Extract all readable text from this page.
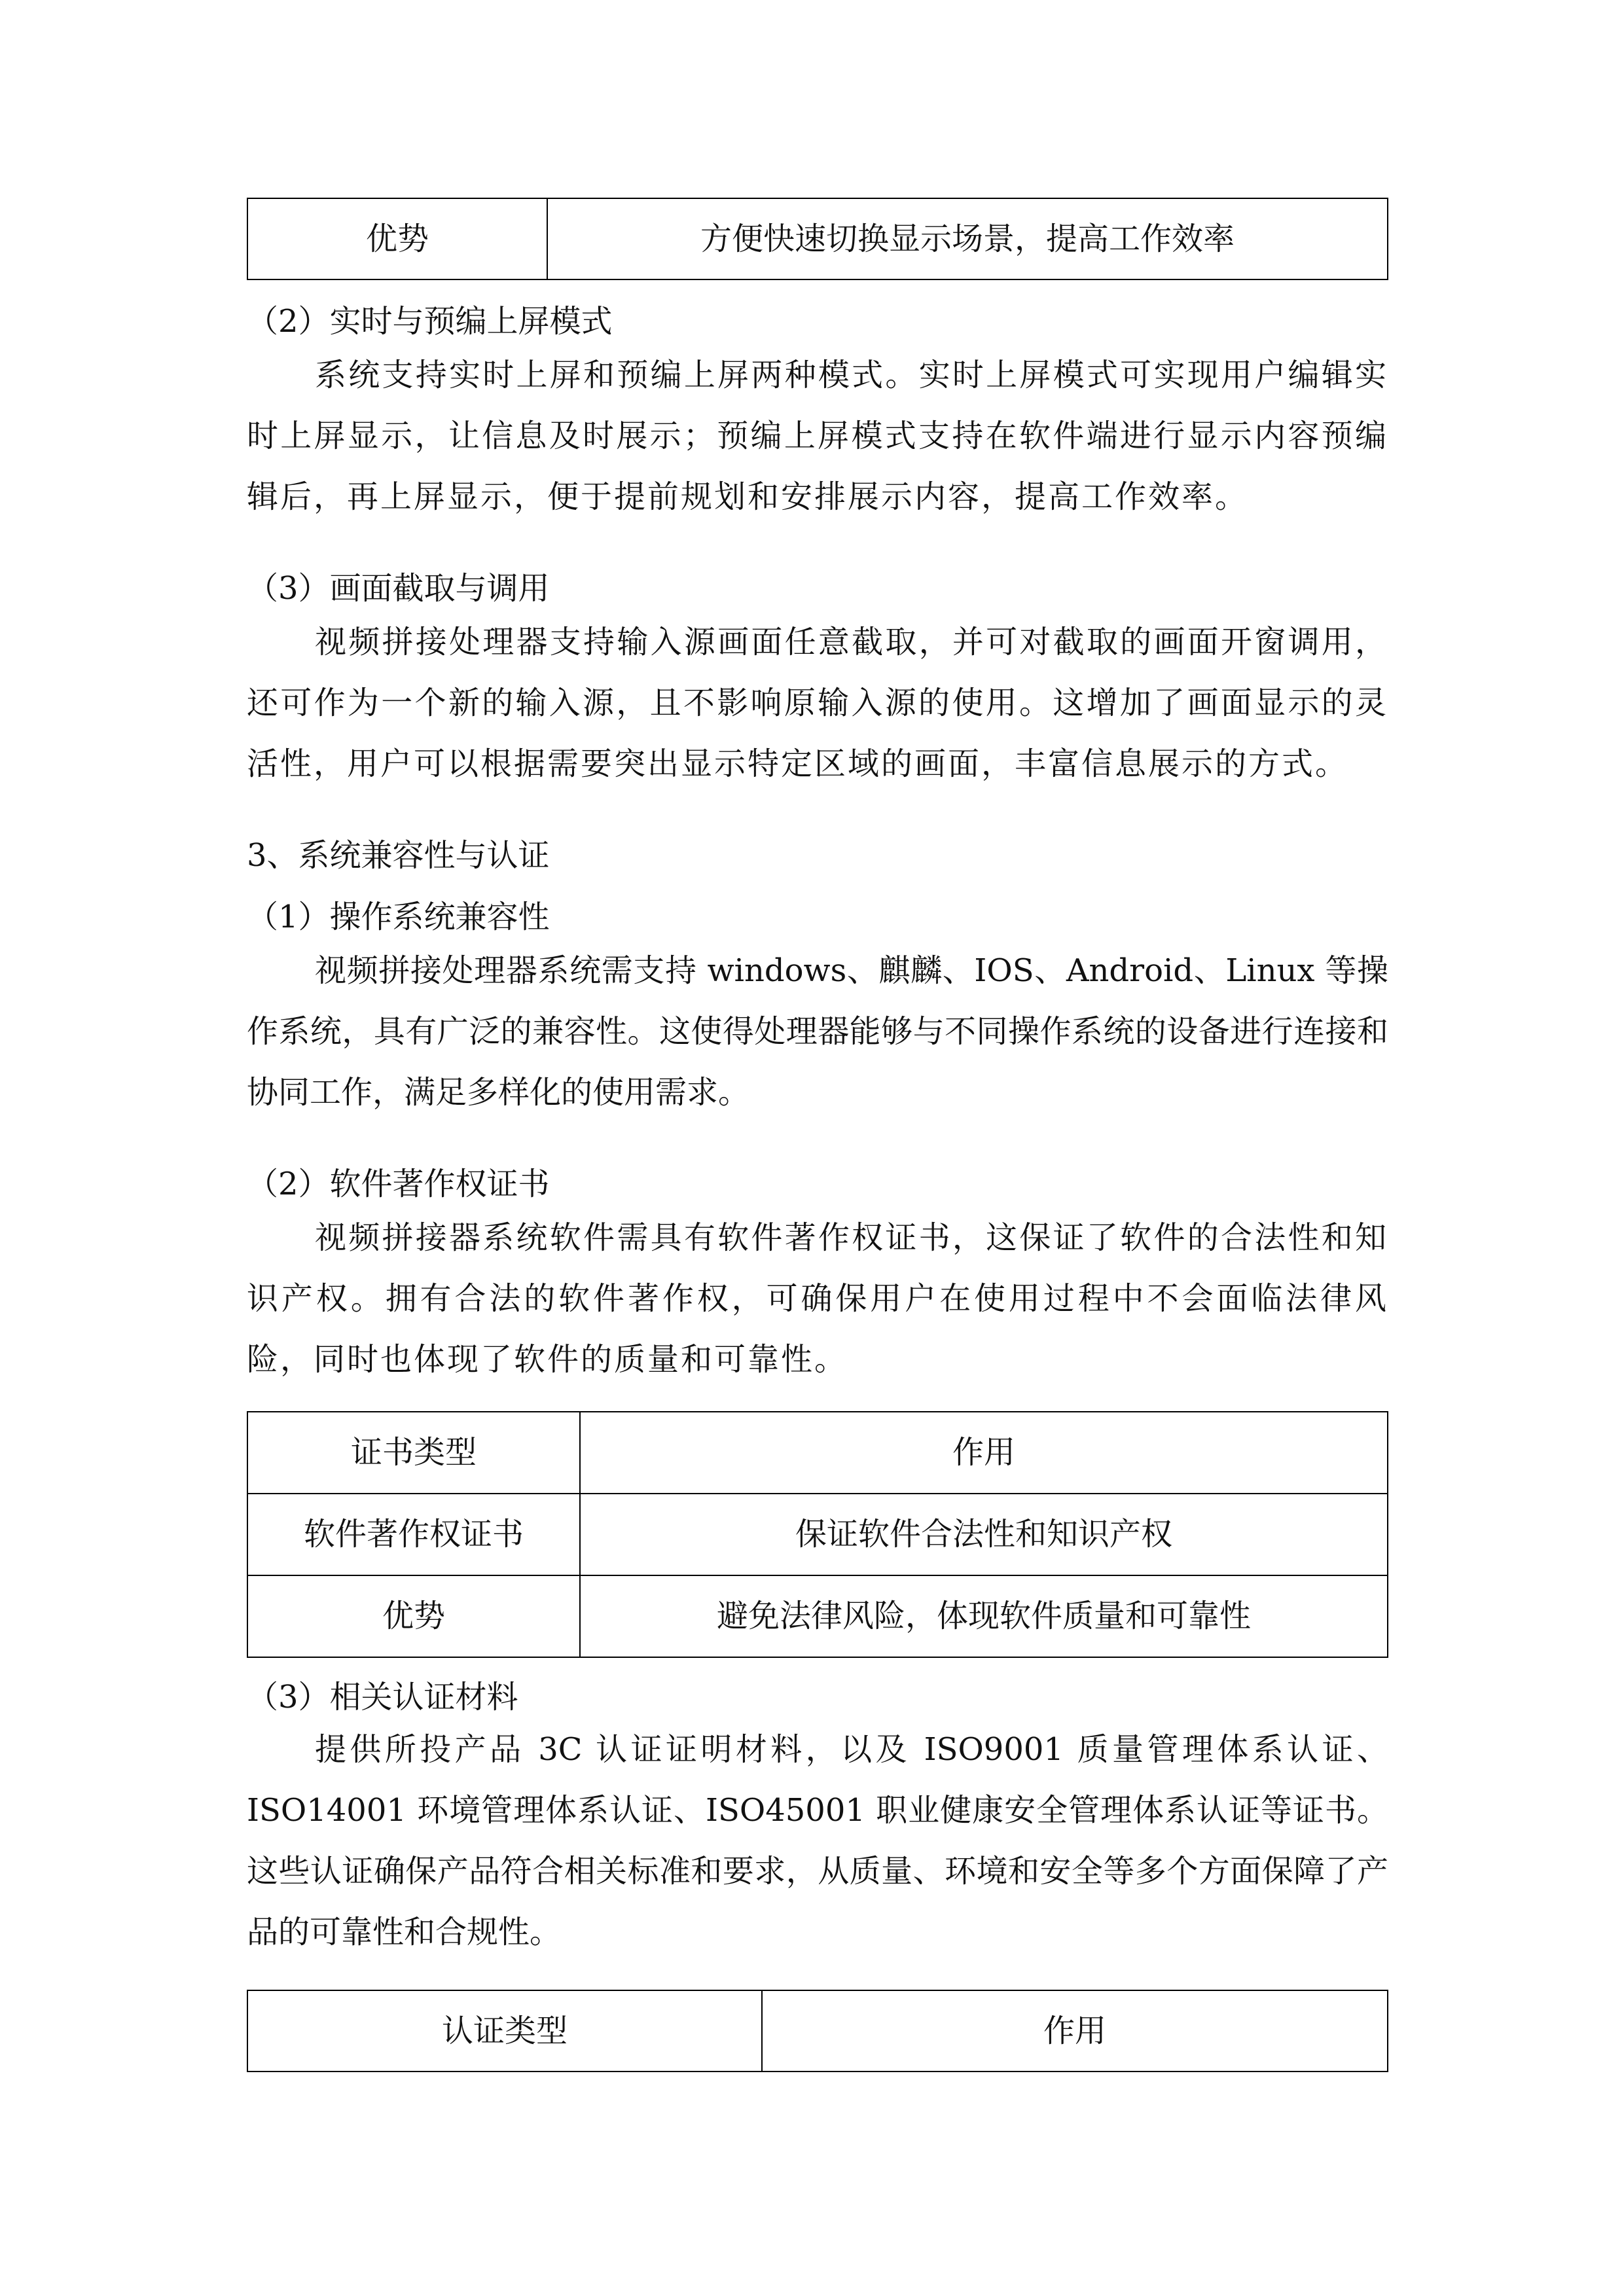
优势	方便快速切换显示场景，提高工作效率
（2）实时与预编上屏模式

系统支持实时上屏和预编上屏两种模式。实时上屏模式可实现用户编辑实时上屏显示，让信息及时展示；预编上屏模式支持在软件端进行显示内容预编辑后，再上屏显示，便于提前规划和安排展示内容，提高工作效率。

（3）画面截取与调用

视频拼接处理器支持输入源画面任意截取，并可对截取的画面开窗调用，还可作为一个新的输入源，且不影响原输入源的使用。这增加了画面显示的灵活性，用户可以根据需要突出显示特定区域的画面，丰富信息展示的方式。

3、系统兼容性与认证
（1）操作系统兼容性

视频拼接处理器系统需支持 windows、麒麟、IOS、Android、Linux 等操作系统，具有广泛的兼容性。这使得处理器能够与不同操作系统的设备进行连接和协同工作，满足多样化的使用需求。

（2）软件著作权证书

视频拼接器系统软件需具有软件著作权证书，这保证了软件的合法性和知识产权。拥有合法的软件著作权，可确保用户在使用过程中不会面临法律风险，同时也体现了软件的质量和可靠性。

证书类型	作用
软件著作权证书	保证软件合法性和知识产权
优势	避免法律风险，体现软件质量和可靠性
（3）相关认证材料

提供所投产品 3C 认证证明材料，以及 ISO9001 质量管理体系认证、ISO14001 环境管理体系认证、ISO45001 职业健康安全管理体系认证等证书。这些认证确保产品符合相关标准和要求，从质量、环境和安全等多个方面保障了产品的可靠性和合规性。

认证类型	作用
